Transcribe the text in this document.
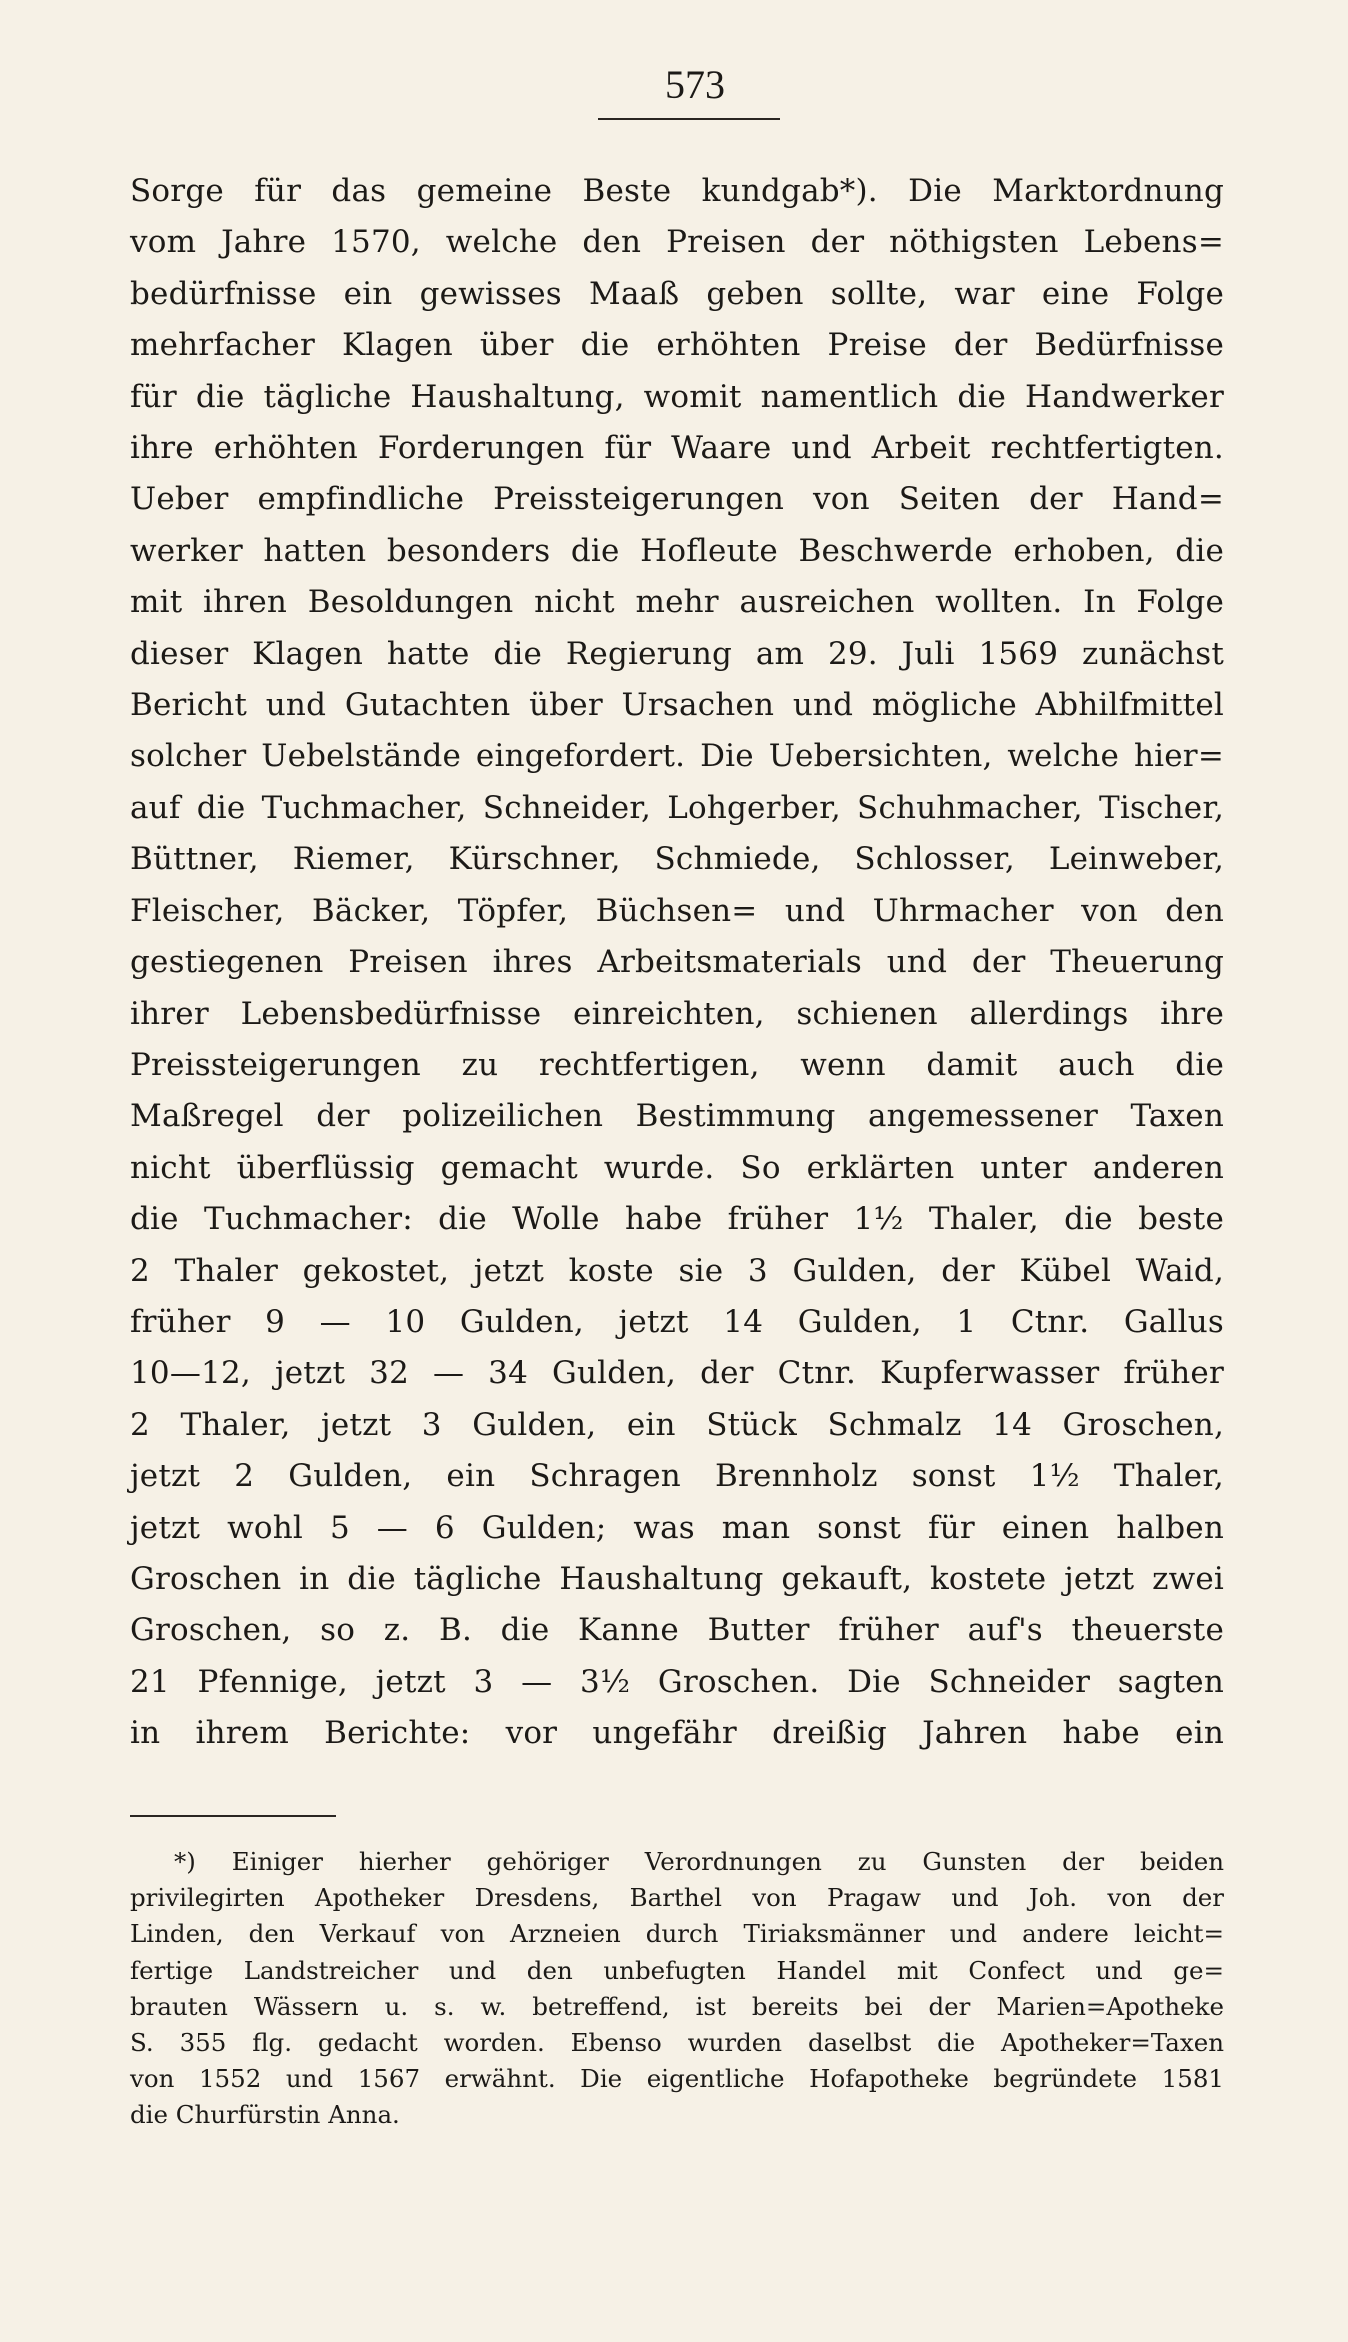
573
Sorge für das gemeine Beste kundgab*). Die Marktordnung
vom Jahre 1570, welche den Preisen der nöthigsten Lebens=
bedürfnisse ein gewisses Maaß geben sollte, war eine Folge
mehrfacher Klagen über die erhöhten Preise der Bedürfnisse
für die tägliche Haushaltung, womit namentlich die Handwerker
ihre erhöhten Forderungen für Waare und Arbeit rechtfertigten.
Ueber empfindliche Preissteigerungen von Seiten der Hand=
werker hatten besonders die Hofleute Beschwerde erhoben, die
mit ihren Besoldungen nicht mehr ausreichen wollten. In Folge
dieser Klagen hatte die Regierung am 29. Juli 1569 zunächst
Bericht und Gutachten über Ursachen und mögliche Abhilfmittel
solcher Uebelstände eingefordert. Die Uebersichten, welche hier=
auf die Tuchmacher, Schneider, Lohgerber, Schuhmacher, Tischer,
Büttner, Riemer, Kürschner, Schmiede, Schlosser, Leinweber,
Fleischer, Bäcker, Töpfer, Büchsen= und Uhrmacher von den
gestiegenen Preisen ihres Arbeitsmaterials und der Theuerung
ihrer Lebensbedürfnisse einreichten, schienen allerdings ihre
Preissteigerungen zu rechtfertigen, wenn damit auch die
Maßregel der polizeilichen Bestimmung angemessener Taxen
nicht überflüssig gemacht wurde. So erklärten unter anderen
die Tuchmacher: die Wolle habe früher 1½ Thaler, die beste
2 Thaler gekostet, jetzt koste sie 3 Gulden, der Kübel Waid,
früher 9 — 10 Gulden, jetzt 14 Gulden, 1 Ctnr. Gallus
10—12, jetzt 32 — 34 Gulden, der Ctnr. Kupferwasser früher
2 Thaler, jetzt 3 Gulden, ein Stück Schmalz 14 Groschen,
jetzt 2 Gulden, ein Schragen Brennholz sonst 1½ Thaler,
jetzt wohl 5 — 6 Gulden; was man sonst für einen halben
Groschen in die tägliche Haushaltung gekauft, kostete jetzt zwei
Groschen, so z. B. die Kanne Butter früher auf's theuerste
21 Pfennige, jetzt 3 — 3½ Groschen. Die Schneider sagten
in ihrem Berichte: vor ungefähr dreißig Jahren habe ein
*) Einiger hierher gehöriger Verordnungen zu Gunsten der beiden
privilegirten Apotheker Dresdens, Barthel von Pragaw und Joh. von der
Linden, den Verkauf von Arzneien durch Tiriaksmänner und andere leicht=
fertige Landstreicher und den unbefugten Handel mit Confect und ge=
brauten Wässern u. s. w. betreffend, ist bereits bei der Marien=Apotheke
S. 355 flg. gedacht worden. Ebenso wurden daselbst die Apotheker=Taxen
von 1552 und 1567 erwähnt. Die eigentliche Hofapotheke begründete 1581
die Churfürstin Anna.
